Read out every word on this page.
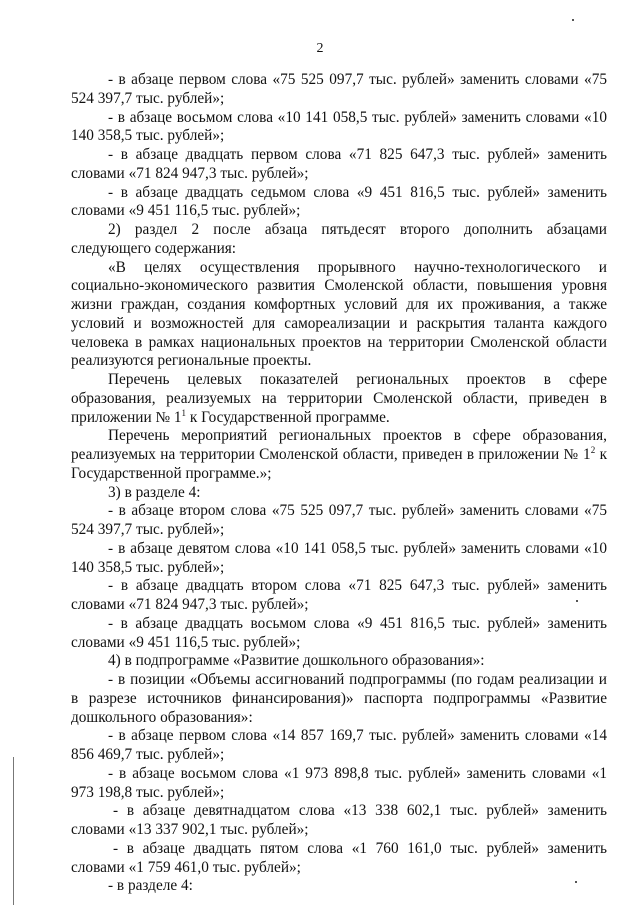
2

- в абзаце первом слова «75 525 097,7 тыс. рублей» заменить словами «75 524 397,7 тыс. рублей»;

- в абзаце восьмом слова «10 141 058,5 тыс. рублей» заменить словами «10 140 358,5 тыс. рублей»;

- в абзаце двадцать первом слова «71 825 647,3 тыс. рублей» заменить словами «71 824 947,3 тыс. рублей»;

- в абзаце двадцать седьмом слова «9 451 816,5 тыс. рублей» заменить словами «9 451 116,5 тыс. рублей»;

2) раздел 2 после абзаца пятьдесят второго дополнить абзацами следующего содержания:

«В целях осуществления прорывного научно-технологического и социально-экономического развития Смоленской области, повышения уровня жизни граждан, создания комфортных условий для их проживания, а также условий и возможностей для самореализации и раскрытия таланта каждого человека в рамках национальных проектов на территории Смоленской области реализуются региональные проекты.

Перечень целевых показателей региональных проектов в сфере образования, реализуемых на территории Смоленской области, приведен в приложении № $1^1$ к Государственной программе.

Перечень мероприятий региональных проектов в сфере образования, реализуемых на территории Смоленской области, приведен в приложении № $1^2$ к Государственной программе.»;

3) в разделе 4:

- в абзаце втором слова «75 525 097,7 тыс. рублей» заменить словами «75 524 397,7 тыс. рублей»;

- в абзаце девятом слова «10 141 058,5 тыс. рублей» заменить словами «10 140 358,5 тыс. рублей»;

- в абзаце двадцать втором слова «71 825 647,3 тыс. рублей» заменить словами «71 824 947,3 тыс. рублей»;

- в абзаце двадцать восьмом слова «9 451 816,5 тыс. рублей» заменить словами «9 451 116,5 тыс. рублей»;

4) в подпрограмме «Развитие дошкольного образования»:

- в позиции «Объемы ассигнований подпрограммы (по годам реализации и в разрезе источников финансирования)» паспорта подпрограммы «Развитие дошкольного образования»:

- в абзаце первом слова «14 857 169,7 тыс. рублей» заменить словами «14 856 469,7 тыс. рублей»;

- в абзаце восьмом слова «1 973 898,8 тыс. рублей» заменить словами «1 973 198,8 тыс. рублей»;

- в абзаце девятнадцатом слова «13 338 602,1 тыс. рублей» заменить словами «13 337 902,1 тыс. рублей»;

- в абзаце двадцать пятом слова «1 760 161,0 тыс. рублей» заменить словами «1 759 461,0 тыс. рублей»;

- в разделе 4:
